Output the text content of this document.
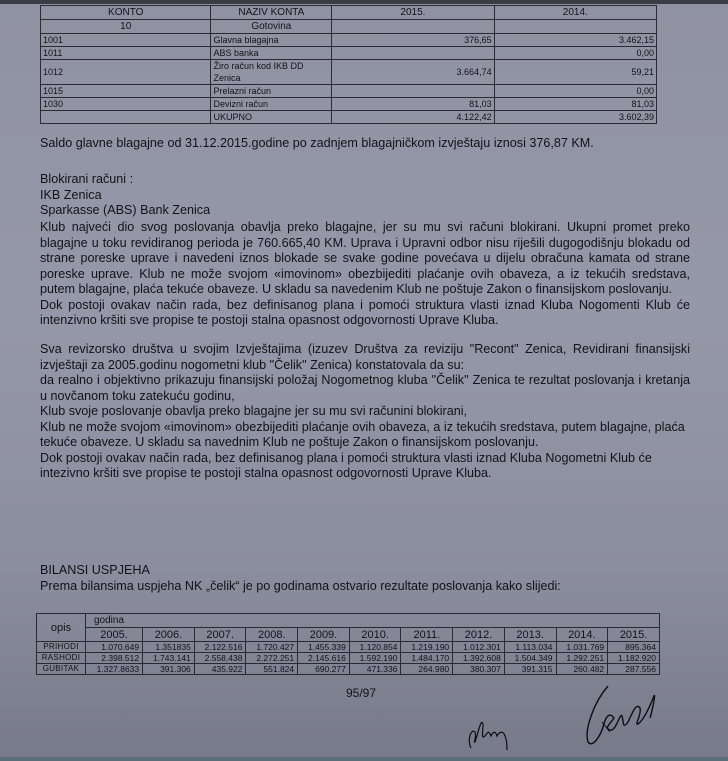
KONTO	NAZIV KONTA	2015.	2014.
10	Gotovina		
1001	Glavna blagajna	376,65	3.462,15
1011	ABS banka		0,00
1012	Žiro račun kod IKB DD Zenica	3.664,74	59,21
1015	Prelazni račun		0,00
1030	Devizni račun	81,03	81,03
	UKUPNO	4.122,42	3.602,39
Saldo glavne blagajne od 31.12.2015.godine po zadnjem blagajničkom izvještaju iznosi 376,87 KM.
Blokirani računi :
IKB Zenica
Sparkasse (ABS) Bank Zenica

Klub najveći dio svog poslovanja obavlja preko blagajne, jer su mu svi računi blokirani. Ukupni promet preko blagajne u toku revidiranog perioda je 760.665,40 KM. Uprava i Upravni odbor nisu riješili dugogodišnju blokadu od strane poreske uprave i navedeni iznos blokade se svake godine povećava u dijelu obračuna kamata od strane poreske uprave. Klub ne može svojom «imovinom» obezbijediti plaćanje ovih obaveza, a iz tekućih sredstava, putem blagajne, plaća tekuće obaveze. U skladu sa navedenim Klub ne poštuje Zakon o finansijskom poslovanju.

Dok postoji ovakav način rada, bez definisanog plana i pomoći struktura vlasti iznad Kluba Nogomenti Klub će intenzivno kršiti sve propise te postoji stalna opasnost odgovornosti Uprave Kluba.

Sva revizorsko društva u svojim Izvještajima (izuzev Društva za reviziju "Recont" Zenica, Revidirani finansijski izvještaji za 2005.godinu nogometni klub "Čelik" Zenica) konstatovala da su:

da realno i objektivno prikazuju finansijski položaj Nogometnog kluba "Čelik" Zenica te rezultat poslovanja i kretanja u novčanom toku zatekuću godinu,

Klub svoje poslovanje obavlja preko blagajne jer su mu svi računini blokirani,

Klub ne može svojom «imovinom» obezbijediti plaćanje ovih obaveza, a iz tekućih sredstava, putem blagajne, plaća tekuće obaveze. U skladu sa navednim Klub ne poštuje Zakon o finansijskom poslovanju.

Dok postoji ovakav način rada, bez definisanog plana i pomoći struktura vlasti iznad Kluba Nogometni Klub će intezivno kršiti sve propise te postoji stalna opasnost odgovornosti Uprave Kluba.

BILANSI USPJEHA
Prema bilansima uspjeha NK „čelik“ je po godinama ostvario rezultate poslovanja kako slijedi:
opis	godina										
	2005.	2006.	2007.	2008.	2009.	2010.	2011.	2012.	2013.	2014.	2015.
PRIHODI	1.070.649	1.351835	2.122.516	1.720.427	1.455.339	1.120.854	1.219.190	1.012.301	1.113.034	1.031.769	895.364
RASHODI	2.398.512	1.743.141	2.558.438	2.272.251	2.145.616	1.592.190	1.484.170	1.392.608	1.504.349	1.292.251	1.182.920
GUBITAK	1.327.8633	391.306	435.922	551.824	690.277	471.336	264.980	380.307	391.315	260.482	287.556
95/97
